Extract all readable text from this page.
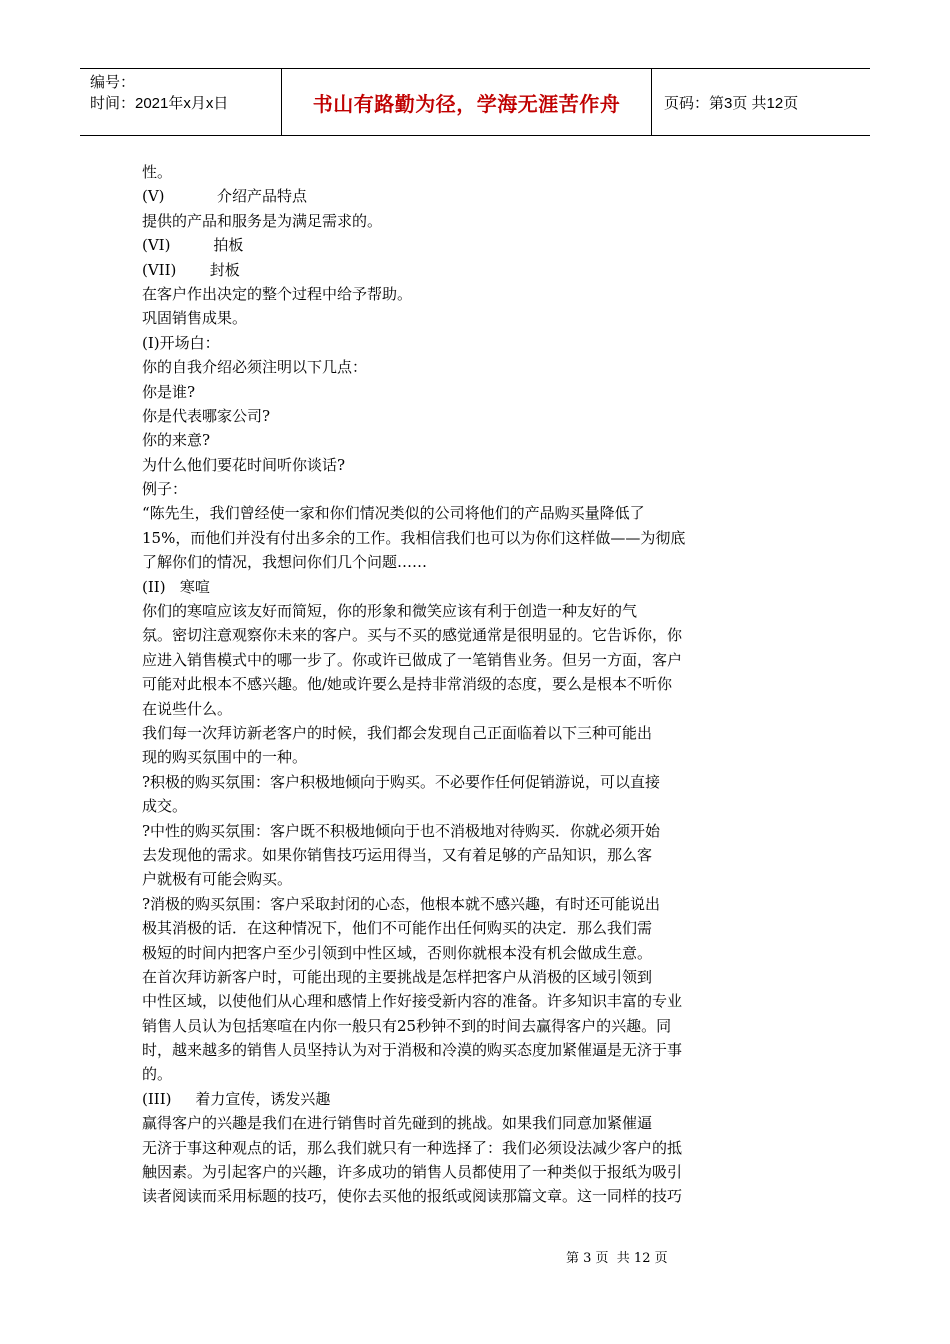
编号：
时间：2021年x月x日	书山有路勤为径，学海无涯苦作舟	页码：第3页 共12页
性。
(V)           介绍产品特点
提供的产品和服务是为满足需求的。
(VI)         拍板
(VII)       封板
在客户作出决定的整个过程中给予帮助。
巩固销售成果。
(I)开场白：
你的自我介绍必须注明以下几点：
你是谁?
你是代表哪家公司?
你的来意?
为什么他们要花时间听你谈话?
例子：
“陈先生，我们曾经使一家和你们情况类似的公司将他们的产品购买量降低了
15%，而他们并没有付出多余的工作。我相信我们也可以为你们这样做——为彻底
了解你们的情况，我想问你们几个问题……
(II)   寒喧
你们的寒喧应该友好而简短，你的形象和微笑应该有利于创造一种友好的气
氛。密切注意观察你未来的客户。买与不买的感觉通常是很明显的。它告诉你，你
应进入销售模式中的哪一步了。你或许已做成了一笔销售业务。但另一方面，客户
可能对此根本不感兴趣。他/她或许要么是持非常消级的态度，要么是根本不听你
在说些什么。
我们每一次拜访新老客户的时候，我们都会发现自己正面临着以下三种可能出
现的购买氛围中的一种。
?积极的购买氛围：客户积极地倾向于购买。不必要作任何促销游说，可以直接
成交。
?中性的购买氛围：客户既不积极地倾向于也不消极地对待购买．你就必须开始
去发现他的需求。如果你销售技巧运用得当，又有着足够的产品知识，那么客
户就极有可能会购买。
?消极的购买氛围：客户采取封闭的心态，他根本就不感兴趣，有时还可能说出
极其消极的话．在这种情况下，他们不可能作出任何购买的决定．那么我们需
极短的时间内把客户至少引领到中性区域，否则你就根本没有机会做成生意。
在首次拜访新客户时，可能出现的主要挑战是怎样把客户从消极的区域引领到
中性区域，以使他们从心理和感情上作好接受新内容的准备。许多知识丰富的专业
销售人员认为包括寒喧在内你一般只有25秒钟不到的时间去赢得客户的兴趣。同
时，越来越多的销售人员坚持认为对于消极和冷漠的购买态度加紧催逼是无济于事
的。
(III)     着力宣传，诱发兴趣
赢得客户的兴趣是我们在进行销售时首先碰到的挑战。如果我们同意加紧催逼
无济于事这种观点的话，那么我们就只有一种选择了：我们必须设法减少客户的抵
触因素。为引起客户的兴趣，许多成功的销售人员都使用了一种类似于报纸为吸引
读者阅读而采用标题的技巧，使你去买他的报纸或阅读那篇文章。这一同样的技巧
第 3 页  共 12 页
